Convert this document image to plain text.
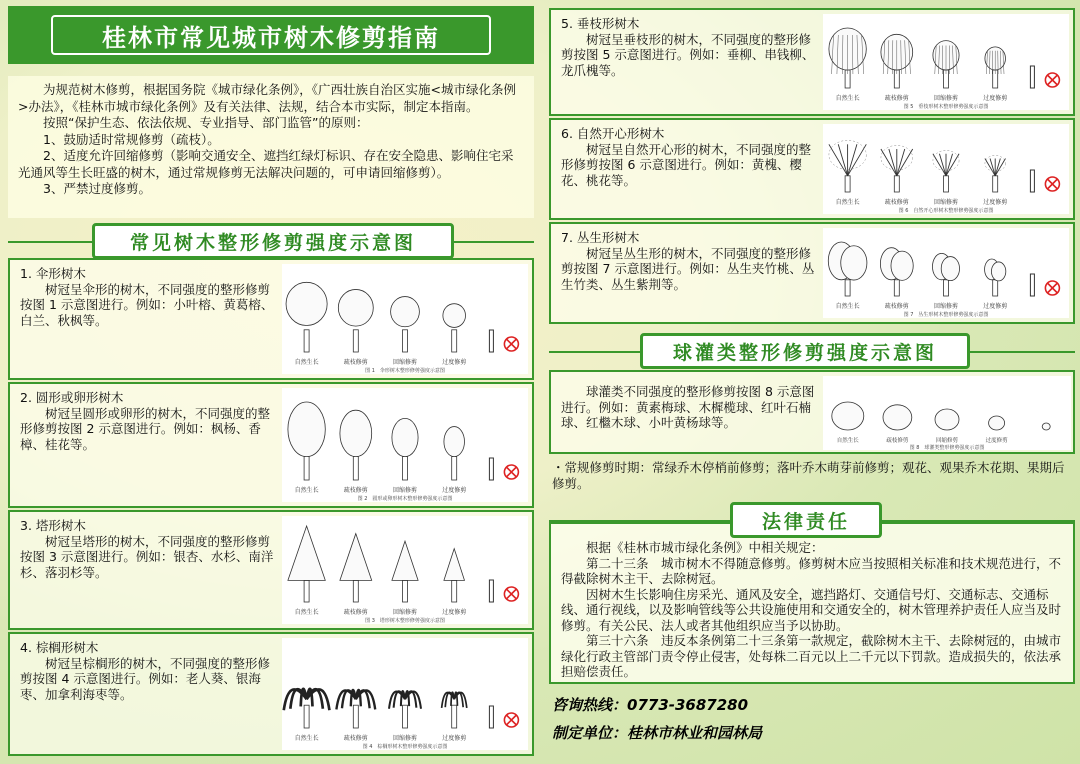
桂林市常见城市树木修剪指南

为规范树木修剪，根据国务院《城市绿化条例》，《广西壮族自治区实施<城市绿化条例>办法》，《桂林市城市绿化条例》及有关法律、法规，结合本市实际，制定本指南。

按照“保护生态、依法依规、专业指导、部门监管”的原则：

1、鼓励适时常规修剪（疏枝）。

2、适度允许回缩修剪（影响交通安全、遮挡红绿灯标识、存在安全隐患、影响住宅采光通风等生长旺盛的树木，通过常规修剪无法解决问题的，可申请回缩修剪）。

3、严禁过度修剪。

常见树木整形修剪强度示意图
1. 伞形树木
树冠呈伞形的树木，不同强度的整形修剪按图 1 示意图进行。例如：小叶榕、黄葛榕、白兰、秋枫等。
自然生长	疏枝修剪	回缩修剪	过度修剪
图 1　伞形树木整形修剪强度示意图
2. 圆形或卵形树木
树冠呈圆形或卵形的树木，不同强度的整形修剪按图 2 示意图进行。例如：枫杨、香樟、桂花等。
自然生长	疏枝修剪	回缩修剪	过度修剪
图 2　圆形或卵形树木整形修剪强度示意图
3. 塔形树木
树冠呈塔形的树木，不同强度的整形修剪按图 3 示意图进行。例如：银杏、水杉、南洋杉、落羽杉等。
自然生长	疏枝修剪	回缩修剪	过度修剪
图 3　塔形树木整形修剪强度示意图
4. 棕榈形树木
树冠呈棕榈形的树木，不同强度的整形修剪按图 4 示意图进行。例如：老人葵、银海枣、加拿利海枣等。
自然生长	疏枝修剪	回缩修剪	过度修剪
图 4　棕榈形树木整形修剪强度示意图
5. 垂枝形树木
树冠呈垂枝形的树木，不同强度的整形修剪按图 5 示意图进行。例如：垂柳、串钱柳、龙爪槐等。
自然生长	疏枝修剪	回缩修剪	过度修剪
图 5　垂枝形树木整形修剪强度示意图
6. 自然开心形树木
树冠呈自然开心形的树木，不同强度的整形修剪按图 6 示意图进行。例如：黄槐、樱花、桃花等。
自然生长	疏枝修剪	回缩修剪	过度修剪
图 6　自然开心形树木整形修剪强度示意图
7. 丛生形树木
树冠呈丛生形的树木，不同强度的整形修剪按图 7 示意图进行。例如：丛生夹竹桃、丛生竹类、丛生紫荆等。
自然生长	疏枝修剪	回缩修剪	过度修剪
图 7　丛生形树木整形修剪强度示意图
球灌类整形修剪强度示意图
球灌类不同强度的整形修剪按图 8 示意图进行。例如：黄素梅球、木樨榄球、红叶石楠球、红檵木球、小叶黄杨球等。
自然生长	疏枝修剪	回缩修剪	过度修剪
图 8　球灌类整形修剪强度示意图
・常规修剪时期：常绿乔木停梢前修剪；落叶乔木萌芽前修剪；观花、观果乔木花期、果期后修剪。

根据《桂林市城市绿化条例》中相关规定：

第二十三条　城市树木不得随意修剪。修剪树木应当按照相关标准和技术规范进行，不得截除树木主干、去除树冠。

因树木生长影响住房采光、通风及安全，遮挡路灯、交通信号灯、交通标志、交通标线、通行视线，以及影响管线等公共设施使用和交通安全的，树木管理养护责任人应当及时修剪。有关公民、法人或者其他组织应当予以协助。

第三十六条　违反本条例第二十三条第一款规定，截除树木主干、去除树冠的，由城市绿化行政主管部门责令停止侵害，处每株二百元以上二千元以下罚款。造成损失的，依法承担赔偿责任。

法律责任
咨询热线：0773-3687280
制定单位：桂林市林业和园林局
